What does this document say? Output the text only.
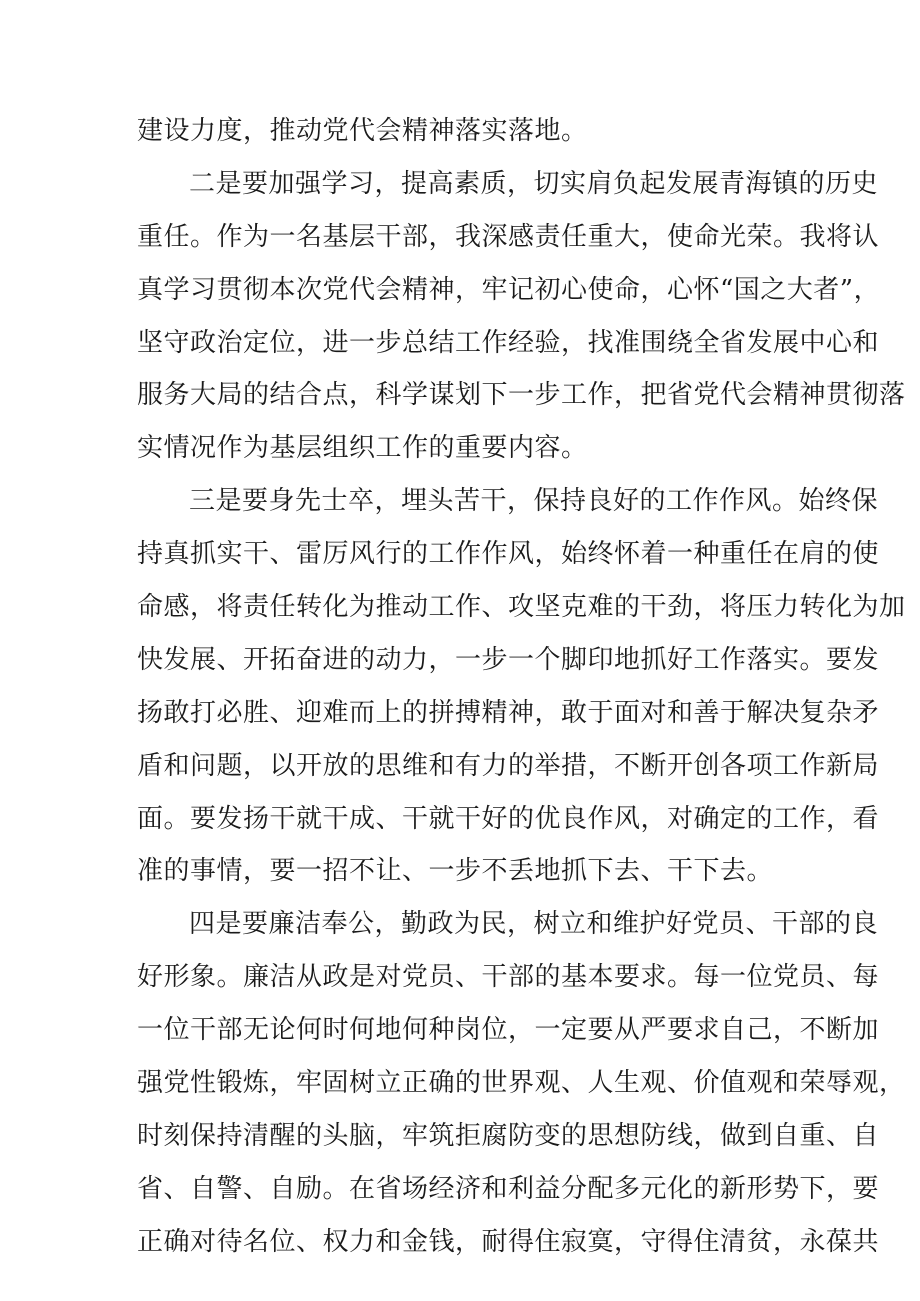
建设力度，推动党代会精神落实落地。
二是要加强学习，提高素质，切实肩负起发展青海镇的历史
重任。作为一名基层干部，我深感责任重大，使命光荣。我将认
真学习贯彻本次党代会精神，牢记初心使命，心怀“国之大者”，
坚守政治定位，进一步总结工作经验，找准围绕全省发展中心和
服务大局的结合点，科学谋划下一步工作，把省党代会精神贯彻落
实情况作为基层组织工作的重要内容。
三是要身先士卒，埋头苦干，保持良好的工作作风。始终保
持真抓实干、雷厉风行的工作作风，始终怀着一种重任在肩的使
命感，将责任转化为推动工作、攻坚克难的干劲，将压力转化为加
快发展、开拓奋进的动力，一步一个脚印地抓好工作落实。要发
扬敢打必胜、迎难而上的拼搏精神，敢于面对和善于解决复杂矛
盾和问题，以开放的思维和有力的举措，不断开创各项工作新局
面。要发扬干就干成、干就干好的优良作风，对确定的工作，看
准的事情，要一招不让、一步不丢地抓下去、干下去。
四是要廉洁奉公，勤政为民，树立和维护好党员、干部的良
好形象。廉洁从政是对党员、干部的基本要求。每一位党员、每
一位干部无论何时何地何种岗位，一定要从严要求自己，不断加
强党性锻炼，牢固树立正确的世界观、人生观、价值观和荣辱观，
时刻保持清醒的头脑，牢筑拒腐防变的思想防线，做到自重、自
省、自警、自励。在省场经济和利益分配多元化的新形势下，要
正确对待名位、权力和金钱，耐得住寂寞，守得住清贫，永葆共
